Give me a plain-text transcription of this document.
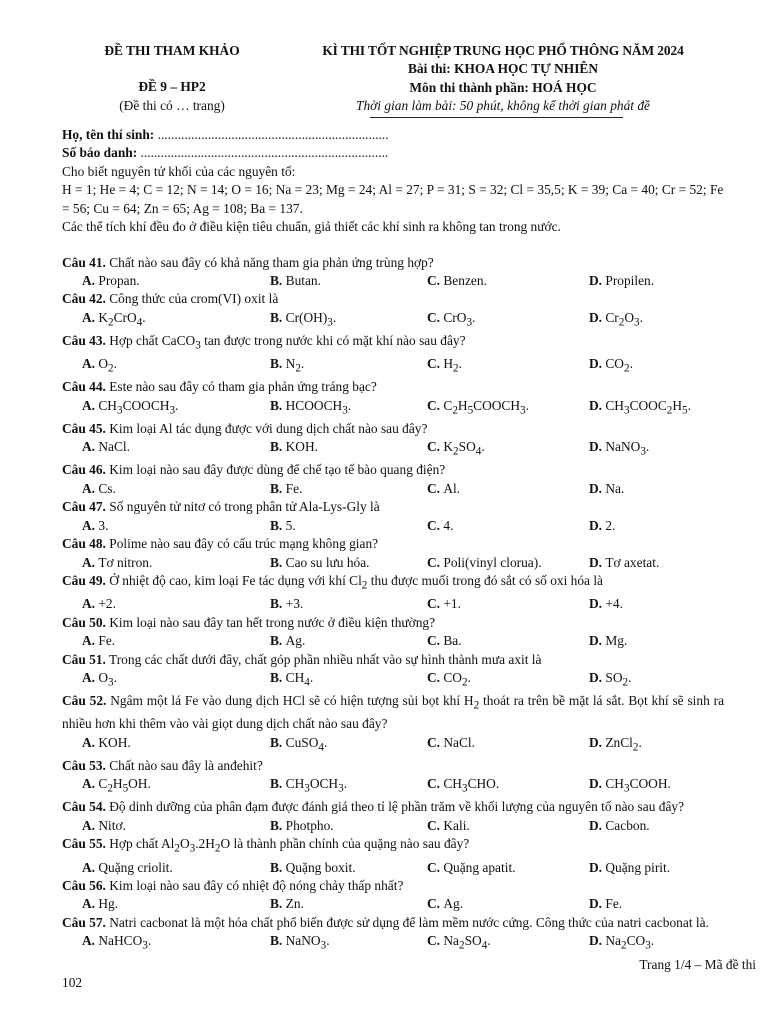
ĐỀ THI THAM KHẢO
ĐỀ 9 – HP2
(Đề thi có … trang)
KÌ THI TỐT NGHIỆP TRUNG HỌC PHỔ THÔNG NĂM 2024
Bài thi: KHOA HỌC TỰ NHIÊN
Môn thi thành phần: HOÁ HỌC
Thời gian làm bài: 50 phút, không kể thời gian phát đề
Họ, tên thí sinh: .....................................................................
Số báo danh: ..........................................................................
Cho biết nguyên tử khối của các nguyên tố:
H = 1; He = 4; C = 12; N = 14; O = 16; Na = 23; Mg = 24; Al = 27; P = 31; S = 32; Cl = 35,5; K = 39; Ca = 40; Cr = 52; Fe = 56; Cu = 64; Zn = 65; Ag = 108; Ba = 137.
Các thể tích khí đều đo ở điều kiện tiêu chuẩn, giả thiết các khí sinh ra không tan trong nước.
Câu 41. Chất nào sau đây có khả năng tham gia phản ứng trùng hợp?
A. Propan.	B. Butan.	C. Benzen.	D. Propilen.
Câu 42. Công thức của crom(VI) oxit là
A. $K_2CrO_4$.	B. $Cr(OH)_3$.	C. CrO$_3$.	D. $Cr_2O_3$.
Câu 43. Hợp chất CaCO$_3$ tan được trong nước khi có mặt khí nào sau đây?
A. $O_2$.	B. $N_2$.	C. $H_2$.	D. $CO_2$.
Câu 44. Este nào sau đây có tham gia phản ứng tráng bạc?
A. $CH_3COOCH_3$.	B. $HCOOCH_3$.	C. $C_2H_5COOCH_3$.	D. $CH_3COOC_2H_5$.
Câu 45. Kim loại Al tác dụng được với dung dịch chất nào sau đây?
A. NaCl.	B. KOH.	C. $K_2SO_4$.	D. NaNO$_3$.
Câu 46. Kim loại nào sau đây được dùng để chế tạo tế bào quang điện?
A. Cs.	B. Fe.	C. Al.	D. Na.
Câu 47. Số nguyên tử nitơ có trong phân tử Ala-Lys-Gly là
A. 3.	B. 5.	C. 4.	D. 2.
Câu 48. Polime nào sau đây có cấu trúc mạng không gian?
A. Tơ nitron.	B. Cao su lưu hóa.	C. Poli(vinyl clorua).	D. Tơ axetat.
Câu 49. Ở nhiệt độ cao, kim loại Fe tác dụng với khí $Cl_2$ thu được muối trong đó sắt có số oxi hóa là
A. +2.	B. +3.	C. +1.	D. +4.
Câu 50. Kim loại nào sau đây tan hết trong nước ở điều kiện thường?
A. Fe.	B. Ag.	C. Ba.	D. Mg.
Câu 51. Trong các chất dưới đây, chất góp phần nhiều nhất vào sự hình thành mưa axit là
A. $O_3$.	B. $CH_4$.	C. $CO_2$.	D. $SO_2$.
Câu 52. Ngâm một lá Fe vào dung dịch HCl sẽ có hiện tượng sủi bọt khí $H_2$ thoát ra trên bề mặt lá sắt. Bọt khí sẽ sinh ra nhiều hơn khi thêm vào vài giọt dung dịch chất nào sau đây?
A. KOH.	B. CuSO$_4$.	C. NaCl.	D. ZnCl$_2$.
Câu 53. Chất nào sau đây là anđehit?
A. $C_2H_5OH$.	B. $CH_3OCH_3$.	C. $CH_3CHO$.	D. $CH_3COOH$.
Câu 54. Độ dinh dưỡng của phân đạm được đánh giá theo tỉ lệ phần trăm về khối lượng của nguyên tố nào sau đây?
A. Nitơ.	B. Photpho.	C. Kali.	D. Cacbon.
Câu 55. Hợp chất $Al_2O_3.2H_2O$ là thành phần chính của quặng nào sau đây?
A. Quặng criolit.	B. Quặng boxit.	C. Quặng apatit.	D. Quặng pirit.
Câu 56. Kim loại nào sau đây có nhiệt độ nóng chảy thấp nhất?
A. Hg.	B. Zn.	C. Ag.	D. Fe.
Câu 57. Natri cacbonat là một hóa chất phổ biến được sử dụng để làm mềm nước cứng. Công thức của natri cacbonat là.
A. NaHCO$_3$.	B. NaNO$_3$.	C. $Na_2SO_4$.	D. $Na_2CO_3$.
Trang 1/4 – Mã đề thi
102
